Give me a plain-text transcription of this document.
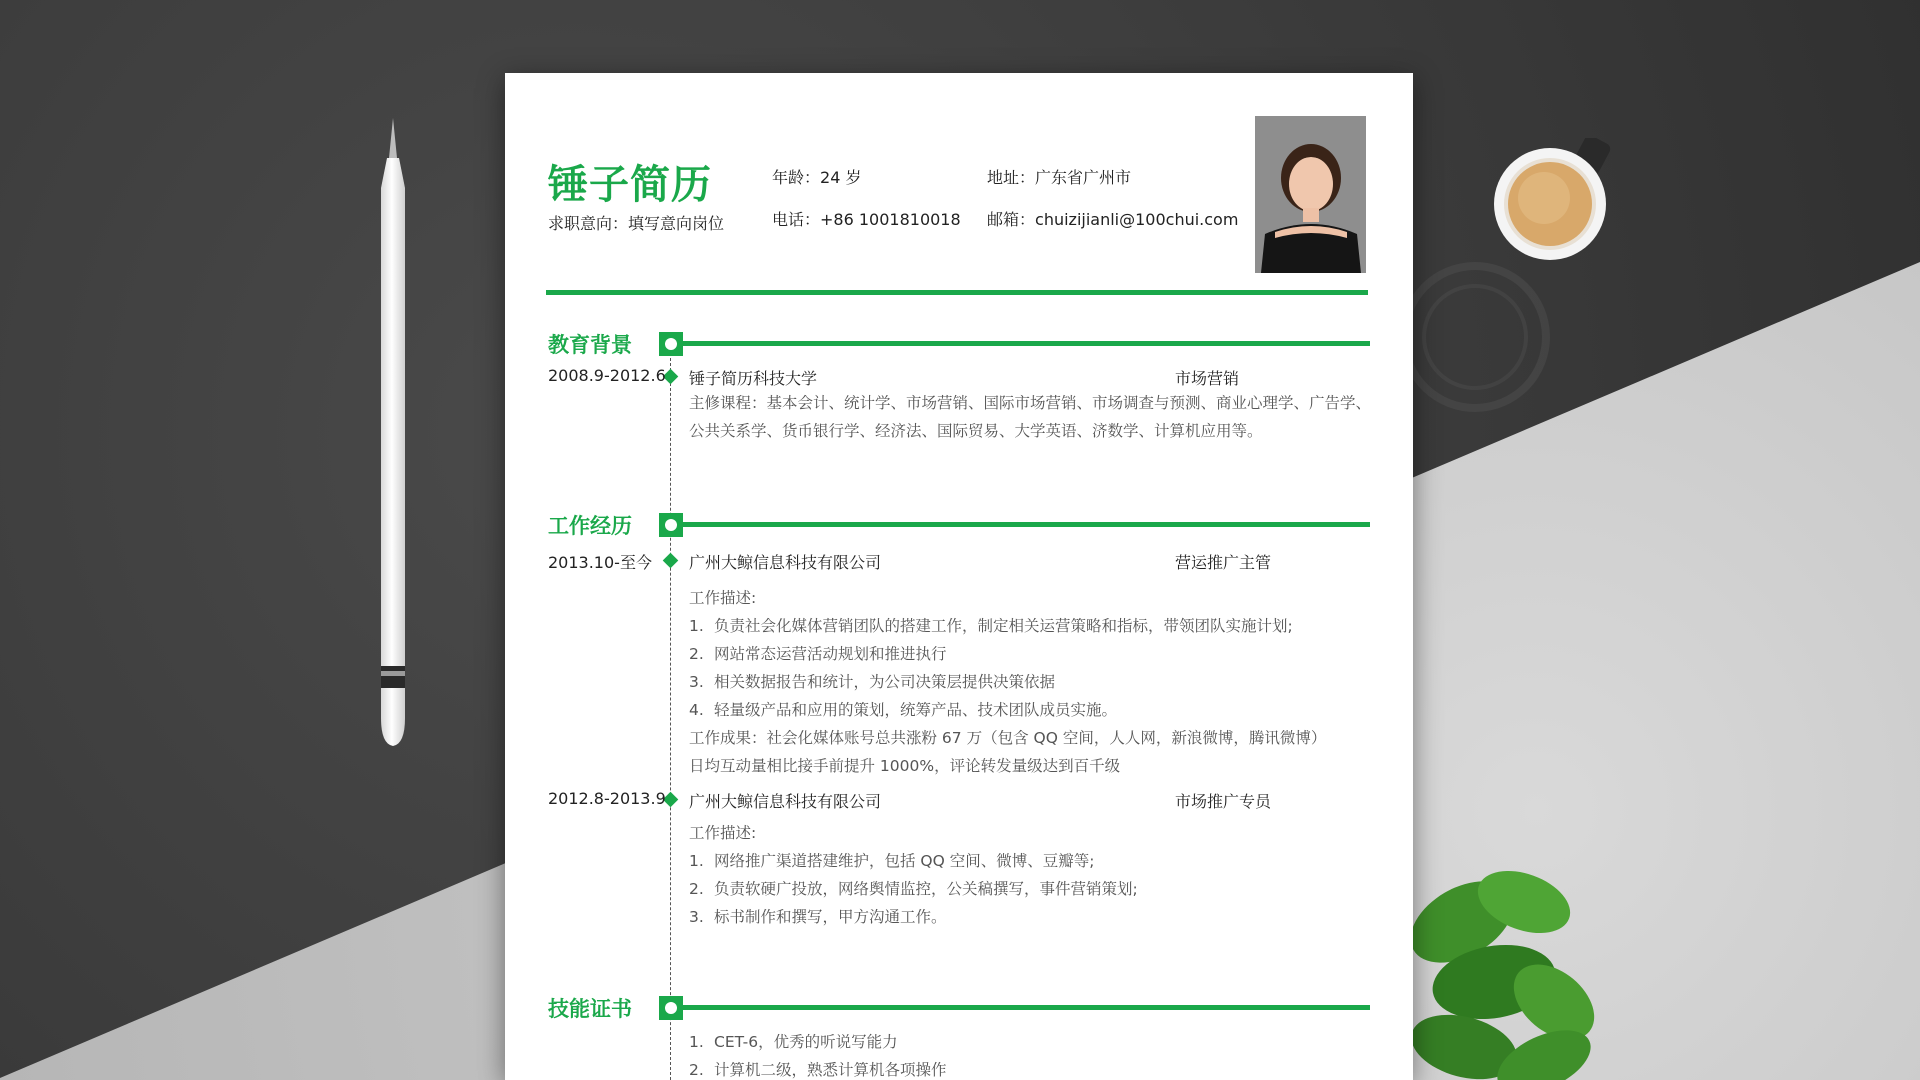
锤子简历
求职意向：填写意向岗位
年龄：24 岁	地址：广东省广州市
电话：+86 1001810018 邮箱：chuizijianli@100chui.com
教育背景
2008.9-2012.6 锤子简历科技大学	市场营销
主修课程：基本会计、统计学、市场营销、国际市场营销、市场调查与预测、商业心理学、广告学、
公共关系学、货币银行学、经济法、国际贸易、大学英语、济数学、计算机应用等。
工作经历
2013.10-至今 广州大鲸信息科技有限公司	营运推广主管
工作描述:
1. 负责社会化媒体营销团队的搭建工作，制定相关运营策略和指标，带领团队实施计划;
2. 网站常态运营活动规划和推进执行
3. 相关数据报告和统计，为公司决策层提供决策依据
4. 轻量级产品和应用的策划，统筹产品、技术团队成员实施。
工作成果：社会化媒体账号总共涨粉 67 万（包含 QQ 空间，人人网，新浪微博，腾讯微博）
日均互动量相比接手前提升 1000%，评论转发量级达到百千级
2012.8-2013.9 广州大鲸信息科技有限公司	市场推广专员
工作描述:
1. 网络推广渠道搭建维护，包括 QQ 空间、微博、豆瓣等;
2. 负责软硬广投放，网络舆情监控，公关稿撰写，事件营销策划;
3. 标书制作和撰写，甲方沟通工作。
技能证书
1. CET-6，优秀的听说写能力
2. 计算机二级，熟悉计算机各项操作
